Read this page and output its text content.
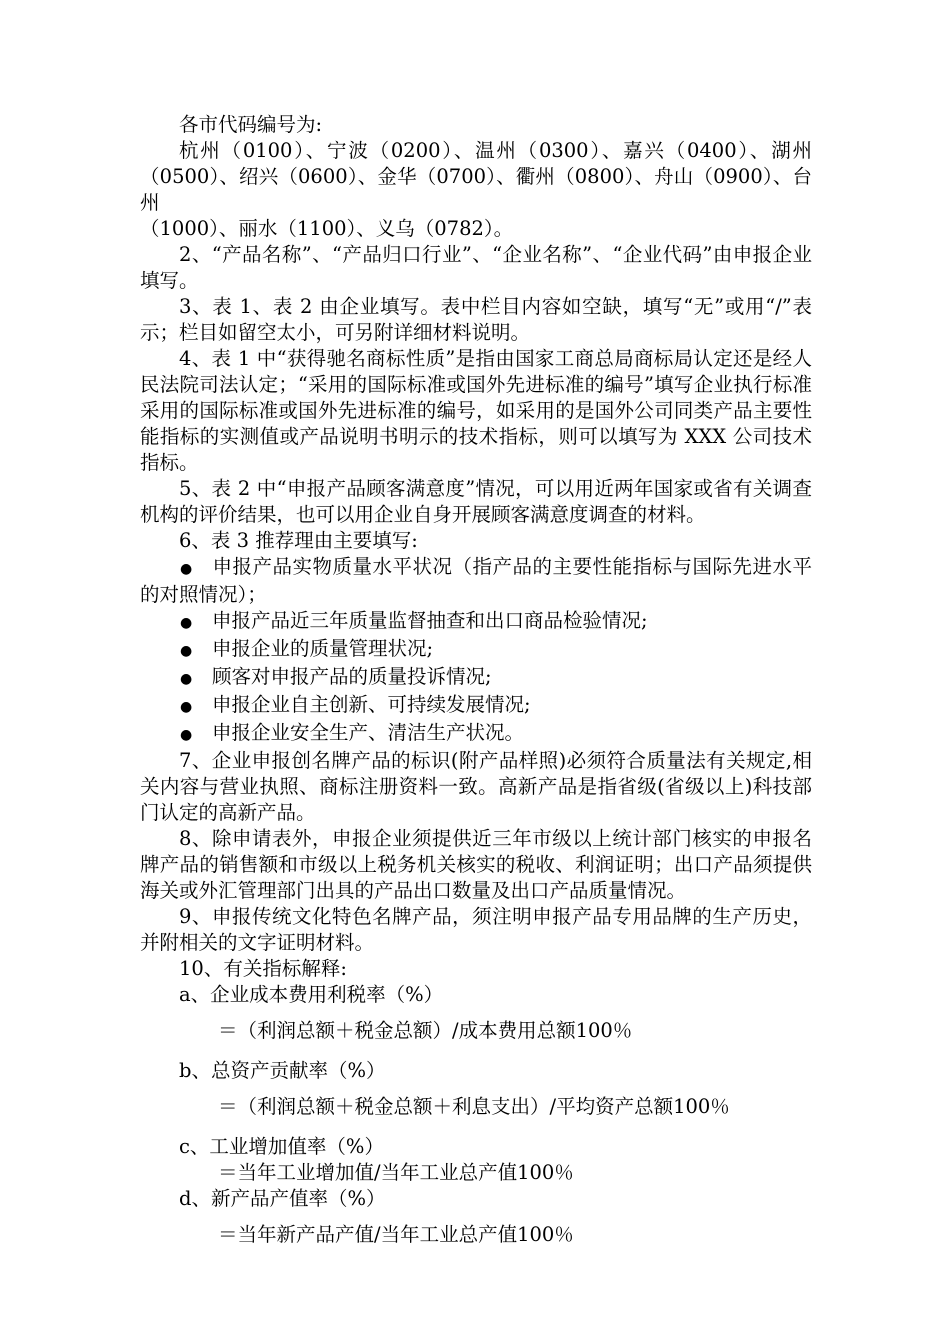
各市代码编号为:

杭州（0100）、宁波（0200）、温州（0300）、嘉兴（0400）、湖州

（0500）、绍兴（0600）、金华（0700）、衢州（0800）、舟山（0900）、台州

（1000）、丽水（1100）、义乌（0782）。

2、“产品名称”、“产品归口行业”、“企业名称”、“企业代码”由申报企业填写。

3、表 1、表 2 由企业填写。表中栏目内容如空缺，填写“无”或用“/”表示；栏目如留空太小，可另附详细材料说明。

4、表 1 中“获得驰名商标性质”是指由国家工商总局商标局认定还是经人民法院司法认定；“采用的国际标准或国外先进标准的编号”填写企业执行标准采用的国际标准或国外先进标准的编号，如采用的是国外公司同类产品主要性能指标的实测值或产品说明书明示的技术指标，则可以填写为 XXX 公司技术指标。

5、表 2 中“申报产品顾客满意度”情况，可以用近两年国家或省有关调查机构的评价结果，也可以用企业自身开展顾客满意度调查的材料。

6、表 3 推荐理由主要填写:

● 申报产品实物质量水平状况（指产品的主要性能指标与国际先进水平的对照情况）；

● 申报产品近三年质量监督抽查和出口商品检验情况;

● 申报企业的质量管理状况;

● 顾客对申报产品的质量投诉情况;

● 申报企业自主创新、可持续发展情况;

● 申报企业安全生产、清洁生产状况。

7、企业申报创名牌产品的标识(附产品样照)必须符合质量法有关规定,相关内容与营业执照、商标注册资料一致。高新产品是指省级(省级以上)科技部门认定的高新产品。

8、除申请表外，申报企业须提供近三年市级以上统计部门核实的申报名牌产品的销售额和市级以上税务机关核实的税收、利润证明；出口产品须提供海关或外汇管理部门出具的产品出口数量及出口产品质量情况。

9、申报传统文化特色名牌产品，须注明申报产品专用品牌的生产历史，并附相关的文字证明材料。

10、有关指标解释:

a、企业成本费用利税率（%）

＝（利润总额＋税金总额）/成本费用总额100％

b、总资产贡献率（%）

＝（利润总额＋税金总额＋利息支出）/平均资产总额100％

c、工业增加值率（%）

＝当年工业增加值/当年工业总产值100％

d、新产品产值率（%）

＝当年新产品产值/当年工业总产值100％
